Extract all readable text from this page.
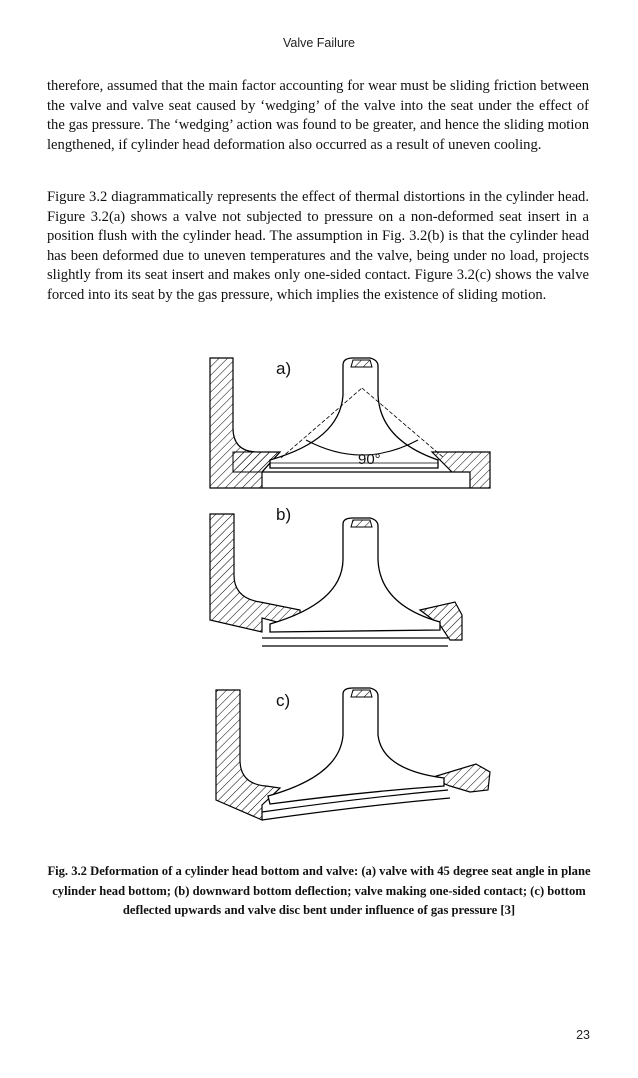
Valve Failure

therefore, assumed that the main factor accounting for wear must be sliding friction between the valve and valve seat caused by ‘wedging’ of the valve into the seat under the effect of the gas pressure. The ‘wedging’ action was found to be greater, and hence the sliding motion lengthened, if cylinder head deformation also occurred as a result of uneven cooling.

Figure 3.2 diagrammatically represents the effect of thermal distortions in the cylinder head. Figure 3.2(a) shows a valve not subjected to pressure on a non-deformed seat insert in a position flush with the cylinder head. The assumption in Fig. 3.2(b) is that the cylinder head has been deformed due to uneven temperatures and the valve, being under no load, projects slightly from its seat insert and makes only one-sided contact. Figure 3.2(c) shows the valve forced into its seat by the gas pressure, which implies the existence of sliding motion.

a)
90°
b)
c)

Fig. 3.2 Deformation of a cylinder head bottom and valve: (a) valve with 45 degree seat angle in plane cylinder head bottom; (b) downward bottom deflection; valve making one-sided contact; (c) bottom deflected upwards and valve disc bent under influence of gas pressure [3]

23
